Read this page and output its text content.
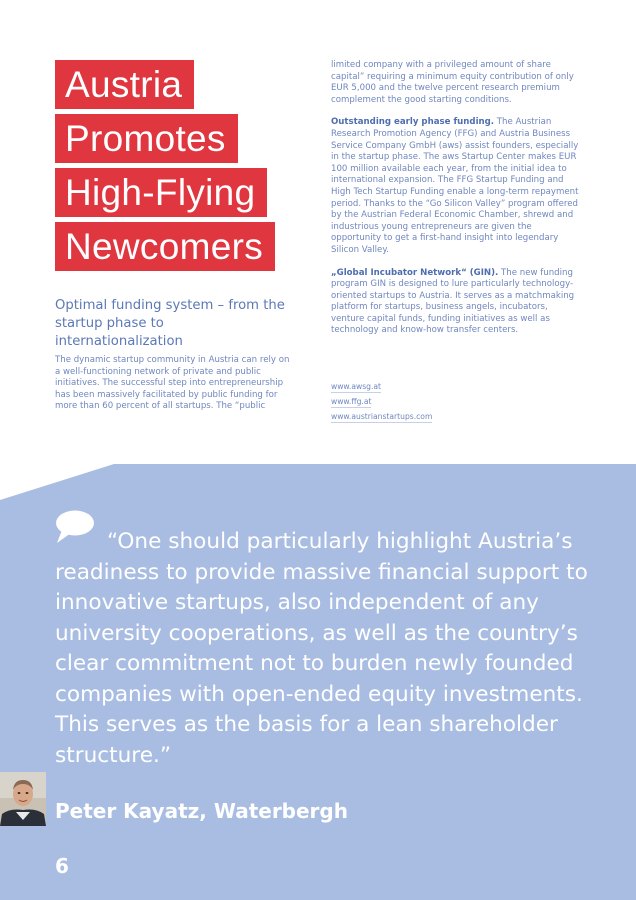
Austria
Promotes
High-Flying
Newcomers
Optimal funding system – from the startup phase to internationalization
The dynamic startup community in Austria can rely on a well-functioning network of private and public initiatives. The successful step into entrepreneurship has been massively facilitated by public funding for more than 60 percent of all startups. The “public

limited company with a privileged amount of share capital” requiring a minimum equity contribution of only EUR 5,000 and the twelve percent research premium complement the good starting conditions.

Outstanding early phase funding. The Austrian Research Promotion Agency (FFG) and Austria Business Service Company GmbH (aws) assist founders, especially in the startup phase. The aws Startup Center makes EUR 100 million available each year, from the initial idea to international expansion. The FFG Startup Funding and High Tech Startup Funding enable a long-term repayment period. Thanks to the “Go Silicon Valley” program offered by the Austrian Federal Economic Chamber, shrewd and industrious young entrepreneurs are given the opportunity to get a first-hand insight into legendary Silicon Valley.

„Global Incubator Network“ (GIN). The new funding program GIN is designed to lure particularly technology-oriented startups to Austria. It serves as a matchmaking platform for startups, business angels, incubators, venture capital funds, funding initiatives as well as technology and know-how transfer centers.

www.awsg.at
www.ffg.at
www.austrianstartups.com

“One should particularly highlight Austria’s readiness to provide massive financial support to innovative startups, also independent of any university cooperations, as well as the country’s clear commitment not to burden newly founded companies with open-ended equity investments. This serves as the basis for a lean shareholder structure.”

Peter Kayatz, Waterbergh
6
